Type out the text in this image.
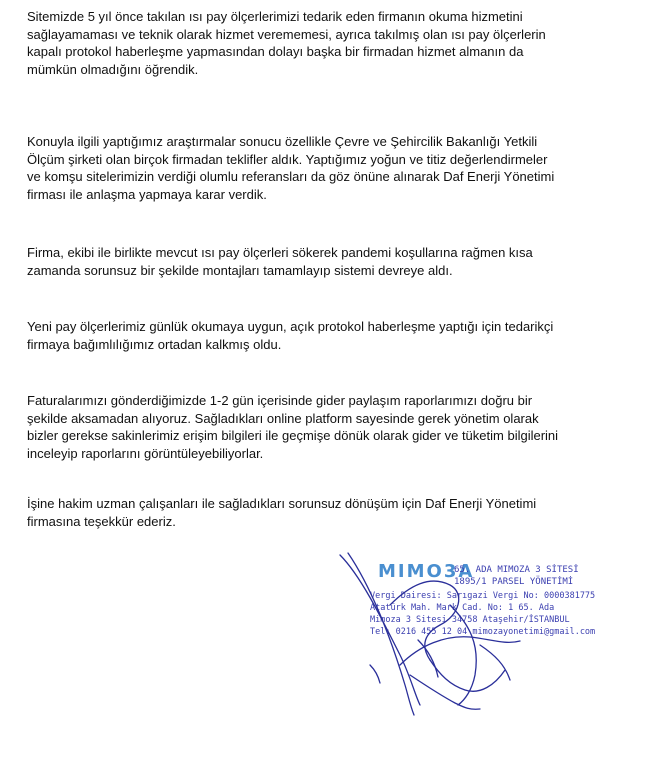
Sitemizde 5 yıl önce takılan ısı pay ölçerlerimizi tedarik eden firmanın okuma hizmetini
sağlayamaması ve teknik olarak hizmet verememesi, ayrıca takılmış olan ısı pay ölçerlerin
kapalı protokol haberleşme yapmasından dolayı başka bir firmadan hizmet almanın da
mümkün olmadığını öğrendik.

Konuyla ilgili yaptığımız araştırmalar sonucu özellikle Çevre ve Şehircilik Bakanlığı Yetkili
Ölçüm şirketi olan birçok firmadan teklifler aldık. Yaptığımız yoğun ve titiz değerlendirmeler
ve komşu sitelerimizin verdiği olumlu referansları da göz önüne alınarak Daf Enerji Yönetimi
firması ile anlaşma yapmaya karar verdik.

Firma, ekibi ile birlikte mevcut ısı pay ölçerleri sökerek pandemi koşullarına rağmen kısa
zamanda sorunsuz bir şekilde montajları tamamlayıp sistemi devreye aldı.

Yeni pay ölçerlerimiz günlük okumaya uygun, açık protokol haberleşme yaptığı için tedarikçi
firmaya bağımlılığımız ortadan kalkmış oldu.

Faturalarımızı gönderdiğimizde 1-2 gün içerisinde gider paylaşım raporlarımızı doğru bir
şekilde aksamadan alıyoruz. Sağladıkları online platform sayesinde gerek yönetim olarak
bizler gerekse sakinlerimiz erişim bilgileri ile geçmişe dönük olarak gider ve tüketim bilgilerini
inceleyip raporlarını görüntüleyebiliyorlar.

İşine hakim uzman çalışanları ile sağladıkları sorunsuz dönüşüm için Daf Enerji Yönetimi
firmasına teşekkür ederiz.

MIMO3A
65. ADA MIMOZA 3 SİTESİ
1895/1 PARSEL YÖNETİMİ
Vergi Dairesi: Sarıgazi Vergi No: 0000381775
Atatürk Mah. Mark Cad. No: 1 65. Ada
Mimoza 3 Sitesi 34758 Ataşehir/İSTANBUL
Tel: 0216 455 12 04 mimozayonetimi@gmail.com
